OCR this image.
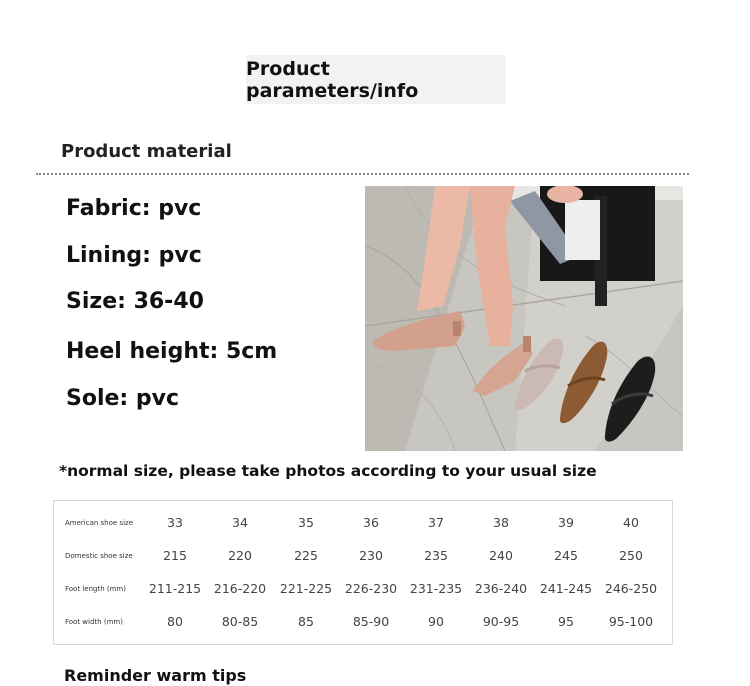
Product parameters/info
Product material
Fabric: pvc
Lining: pvc
Size: 36-40
Heel height: 5cm
Sole: pvc
*normal size, please take photos according to your usual size
American shoe size	33	34	35	36	37	38	39	40
Domestic shoe size	215	220	225	230	235	240	245	250
Foot length (mm)	211-215	216-220	221-225	226-230	231-235	236-240	241-245	246-250
Foot width (mm)	80	80-85	85	85-90	90	90-95	95	95-100
Reminder warm tips
